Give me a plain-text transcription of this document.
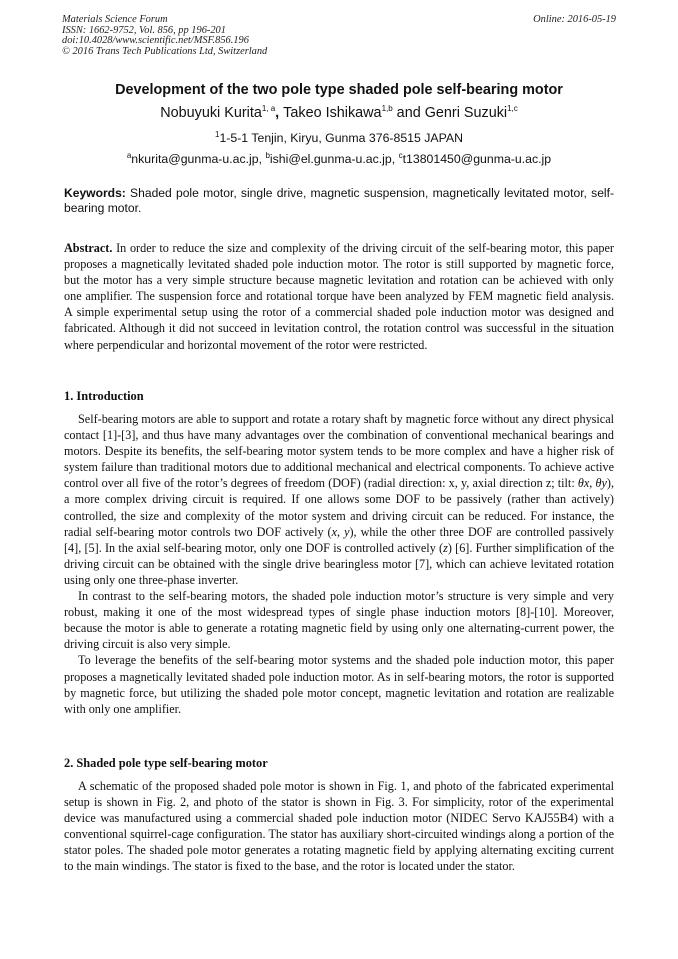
Materials Science Forum
ISSN: 1662-9752, Vol. 856, pp 196-201
doi:10.4028/www.scientific.net/MSF.856.196
© 2016 Trans Tech Publications Ltd, Switzerland
Online: 2016-05-19
Development of the two pole type shaded pole self-bearing motor
Nobuyuki Kurita$^{1, a}$, Takeo Ishikawa$^{1,b}$ and Genri Suzuki$^{1,c}$
$^1$1-5-1 Tenjin, Kiryu, Gunma 376-8515 JAPAN
$^a$nkurita@gunma-u.ac.jp, $^b$ishi@el.gunma-u.ac.jp, $^c$t13801450@gunma-u.ac.jp
Keywords: Shaded pole motor, single drive, magnetic suspension, magnetically levitated motor, self-bearing motor.
Abstract. In order to reduce the size and complexity of the driving circuit of the self-bearing motor, this paper proposes a magnetically levitated shaded pole induction motor. The rotor is still supported by magnetic force, but the motor has a very simple structure because magnetic levitation and rotation can be achieved with only one amplifier. The suspension force and rotational torque have been analyzed by FEM magnetic field analysis. A simple experimental setup using the rotor of a commercial shaded pole induction motor was designed and fabricated. Although it did not succeed in levitation control, the rotation control was successful in the situation where perpendicular and horizontal movement of the rotor were restricted.
1. Introduction

Self-bearing motors are able to support and rotate a rotary shaft by magnetic force without any direct physical contact [1]-[3], and thus have many advantages over the combination of conventional mechanical bearings and motors. Despite its benefits, the self-bearing motor system tends to be more complex and have a higher risk of system failure than traditional motors due to additional mechanical and electrical components. To achieve active control over all five of the rotor’s degrees of freedom (DOF) (radial direction: x, y, axial direction z; tilt: θx, θy), a more complex driving circuit is required. If one allows some DOF to be passively (rather than actively) controlled, the size and complexity of the motor system and driving circuit can be reduced. For instance, the radial self-bearing motor controls two DOF actively (x, y), while the other three DOF are controlled passively [4], [5]. In the axial self-bearing motor, only one DOF is controlled actively (z) [6]. Further simplification of the driving circuit can be obtained with the single drive bearingless motor [7], which can achieve levitated rotation using only one three-phase inverter.

In contrast to the self-bearing motors, the shaded pole induction motor’s structure is very simple and very robust, making it one of the most widespread types of single phase induction motors [8]-[10]. Moreover, because the motor is able to generate a rotating magnetic field by using only one alternating-current power, the driving circuit is also very simple.

To leverage the benefits of the self-bearing motor systems and the shaded pole induction motor, this paper proposes a magnetically levitated shaded pole induction motor. As in self-bearing motors, the rotor is supported by magnetic force, but utilizing the shaded pole motor concept, magnetic levitation and rotation are realizable with only one amplifier.

2. Shaded pole type self-bearing motor

A schematic of the proposed shaded pole motor is shown in Fig. 1, and photo of the fabricated experimental setup is shown in Fig. 2, and photo of the stator is shown in Fig. 3. For simplicity, rotor of the experimental device was manufactured using a commercial shaded pole induction motor (NIDEC Servo KAJ55B4) with a conventional squirrel-cage configuration. The stator has auxiliary short-circuited windings along a portion of the stator poles. The shaded pole motor generates a rotating magnetic field by applying alternating exciting current to the main windings. The stator is fixed to the base, and the rotor is located under the stator.
